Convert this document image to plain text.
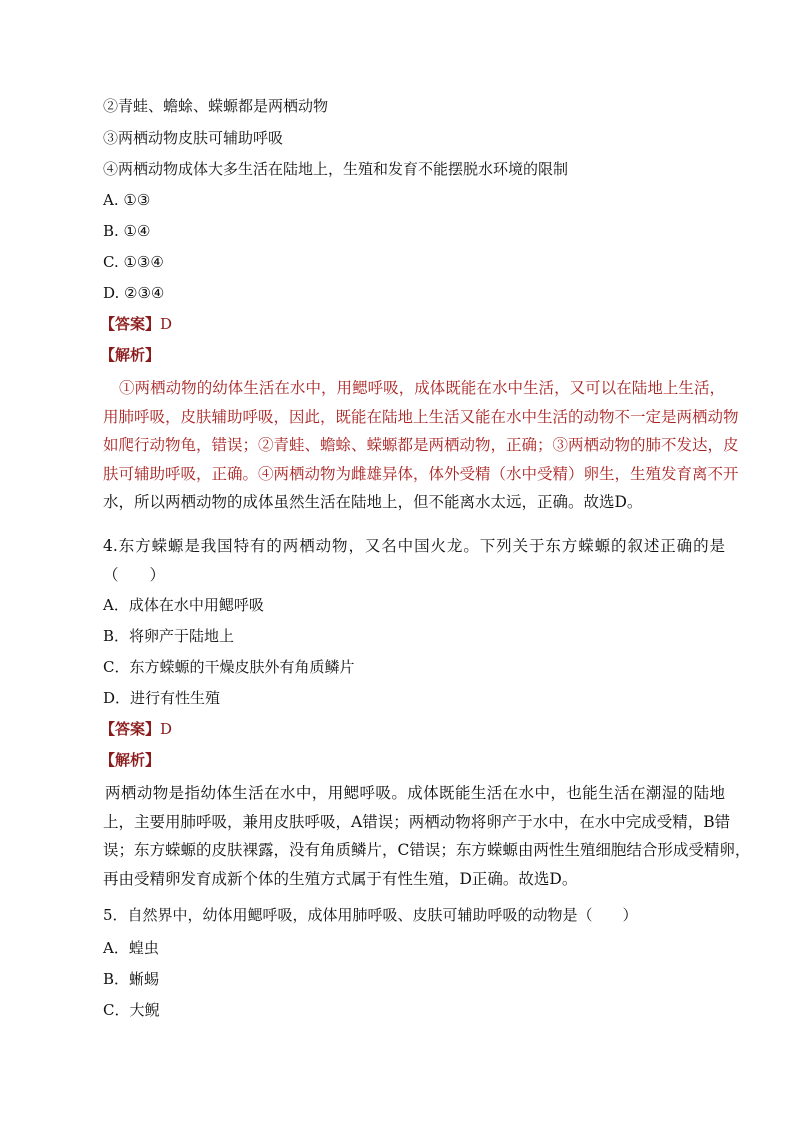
②青蛙、蟾蜍、蝾螈都是两栖动物
③两栖动物皮肤可辅助呼吸
④两栖动物成体大多生活在陆地上，生殖和发育不能摆脱水环境的限制
A. ①③
B. ①④
C. ①③④
D. ②③④
【答案】D
【解析】
①两栖动物的幼体生活在水中，用鳃呼吸，成体既能在水中生活，又可以在陆地上生活，
用肺呼吸，皮肤辅助呼吸，因此，既能在陆地上生活又能在水中生活的动物不一定是两栖动物
如爬行动物龟，错误；②青蛙、蟾蜍、蝾螈都是两栖动物，正确；③两栖动物的肺不发达，皮
肤可辅助呼吸，正确。④两栖动物为雌雄异体，体外受精（水中受精）卵生，生殖发育离不开
水，所以两栖动物的成体虽然生活在陆地上，但不能离水太远，正确。故选D。
4.东方蝾螈是我国特有的两栖动物，又名中国火龙。下列关于东方蝾螈的叙述正确的是
（　　）
A．成体在水中用鳃呼吸
B．将卵产于陆地上
C．东方蝾螈的干燥皮肤外有角质鳞片
D．进行有性生殖
【答案】D
【解析】
两栖动物是指幼体生活在水中，用鳃呼吸。成体既能生活在水中，也能生活在潮湿的陆地
上，主要用肺呼吸，兼用皮肤呼吸，A错误；两栖动物将卵产于水中，在水中完成受精，B错
误；东方蝾螈的皮肤裸露，没有角质鳞片，C错误；东方蝾螈由两性生殖细胞结合形成受精卵，
再由受精卵发育成新个体的生殖方式属于有性生殖，D正确。故选D。
5．自然界中，幼体用鳃呼吸，成体用肺呼吸、皮肤可辅助呼吸的动物是（　　）
A．蝗虫
B．蜥蜴
C．大鲵
